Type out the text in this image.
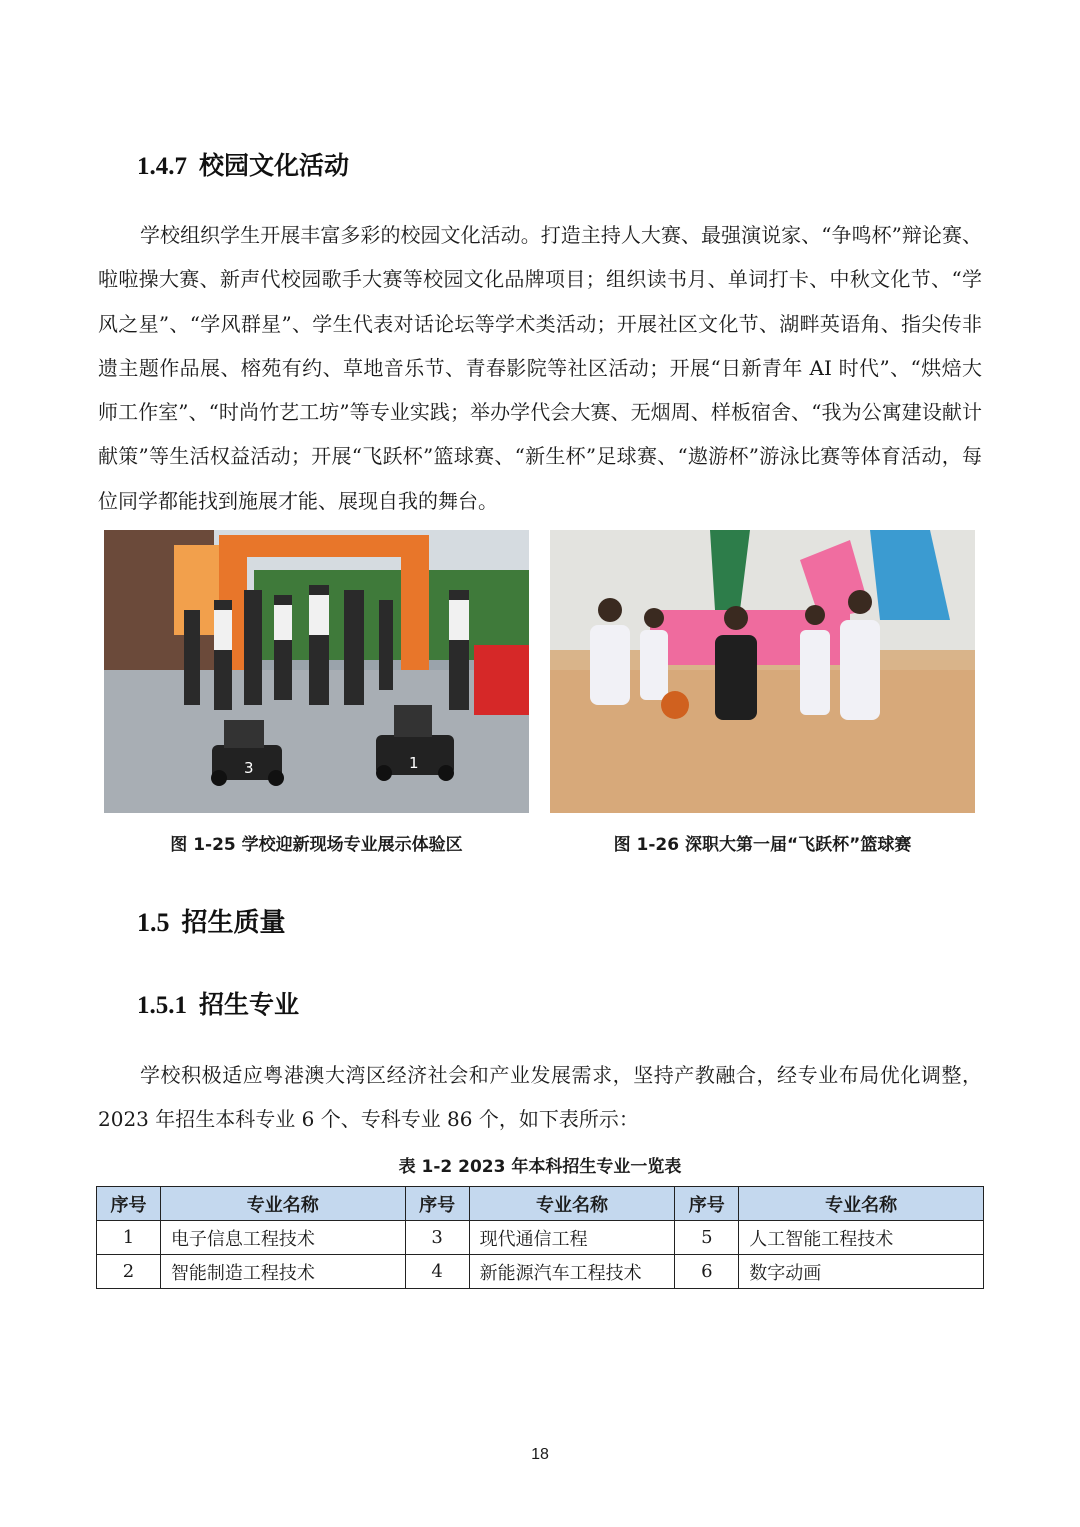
1.4.7 校园文化活动

学校组织学生开展丰富多彩的校园文化活动。打造主持人大赛、最强演说家、“争鸣杯”辩论赛、啦啦操大赛、新声代校园歌手大赛等校园文化品牌项目；组织读书月、单词打卡、中秋文化节、“学风之星”、“学风群星”、学生代表对话论坛等学术类活动；开展社区文化节、湖畔英语角、指尖传非遗主题作品展、榕苑有约、草地音乐节、青春影院等社区活动；开展“日新青年 AI 时代”、“烘焙大师工作室”、“时尚竹艺工坊”等专业实践；举办学代会大赛、无烟周、样板宿舍、“我为公寓建设献计献策”等生活权益活动；开展“飞跃杯”篮球赛、“新生杯”足球赛、“遨游杯”游泳比赛等体育活动，每位同学都能找到施展才能、展现自我的舞台。

3	1
图 1-25 学校迎新现场专业展示体验区	图 1-26 深职大第一届“飞跃杯”篮球赛
1.5 招生质量
1.5.1 招生专业

学校积极适应粤港澳大湾区经济社会和产业发展需求，坚持产教融合，经专业布局优化调整，2023 年招生本科专业 6 个、专科专业 86 个，如下表所示：

表 1-2 2023 年本科招生专业一览表
序号	专业名称	序号	专业名称	序号	专业名称
1	电子信息工程技术	3	现代通信工程	5	人工智能工程技术
2	智能制造工程技术	4	新能源汽车工程技术	6	数字动画
18
